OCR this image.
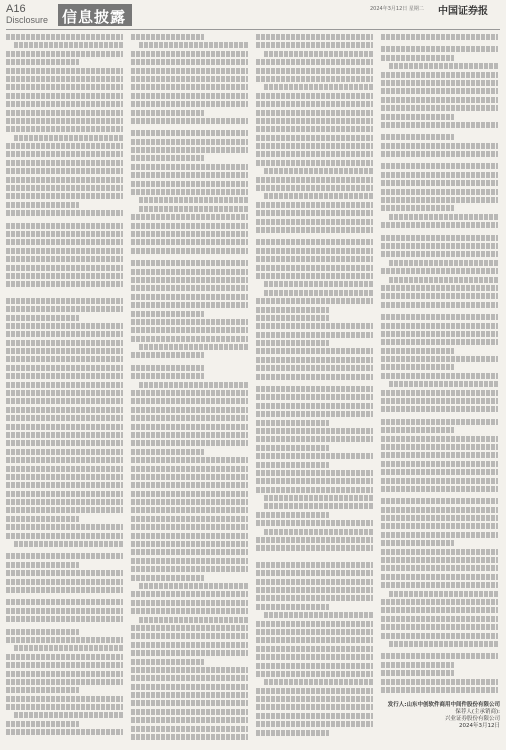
A16
Disclosure 信息披露	2024年3月12日 星期二 中国证券报
发行人:山东中创软件商用中间件股份有限公司
保荐人(主承销商):
兴业证券股份有限公司
2024年3月12日
